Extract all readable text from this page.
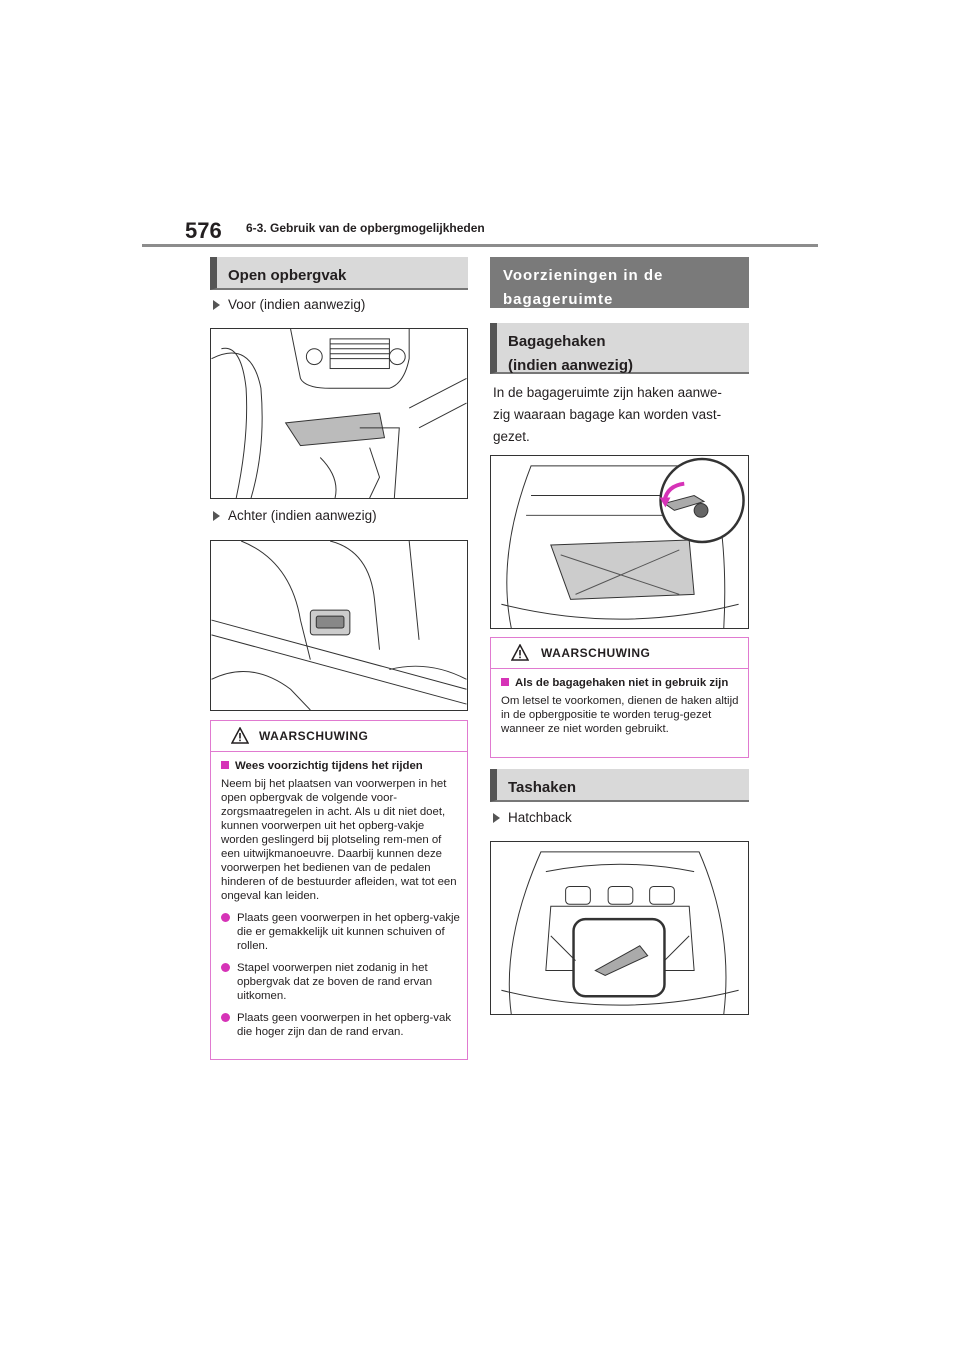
576 6-3. Gebruik van de opbergmogelijkheden
Open opbergvak
Voor (indien aanwezig)
Achter (indien aanwezig)
WAARSCHUWING
Wees voorzichtig tijdens het rijden

Neem bij het plaatsen van voorwerpen in het open opbergvak de volgende voor-zorgsmaatregelen in acht. Als u dit niet doet, kunnen voorwerpen uit het opberg-vakje worden geslingerd bij plotseling rem-men of een uitwijkmanoeuvre. Daarbij kunnen deze voorwerpen het bedienen van de pedalen hinderen of de bestuurder afleiden, wat tot een ongeval kan leiden.

Plaats geen voorwerpen in het opberg-vakje die er gemakkelijk uit kunnen schuiven of rollen.
Stapel voorwerpen niet zodanig in het opbergvak dat ze boven de rand ervan uitkomen.
Plaats geen voorwerpen in het opberg-vak die hoger zijn dan de rand ervan.
Voorzieningen in de
bagageruimte
Bagagehaken
(indien aanwezig)
In de bagageruimte zijn haken aanwe-
zig waaraan bagage kan worden vast-
gezet.
WAARSCHUWING
Als de bagagehaken niet in gebruik zijn

Om letsel te voorkomen, dienen de haken altijd in de opbergpositie te worden terug-gezet wanneer ze niet worden gebruikt.

Tashaken
Hatchback
